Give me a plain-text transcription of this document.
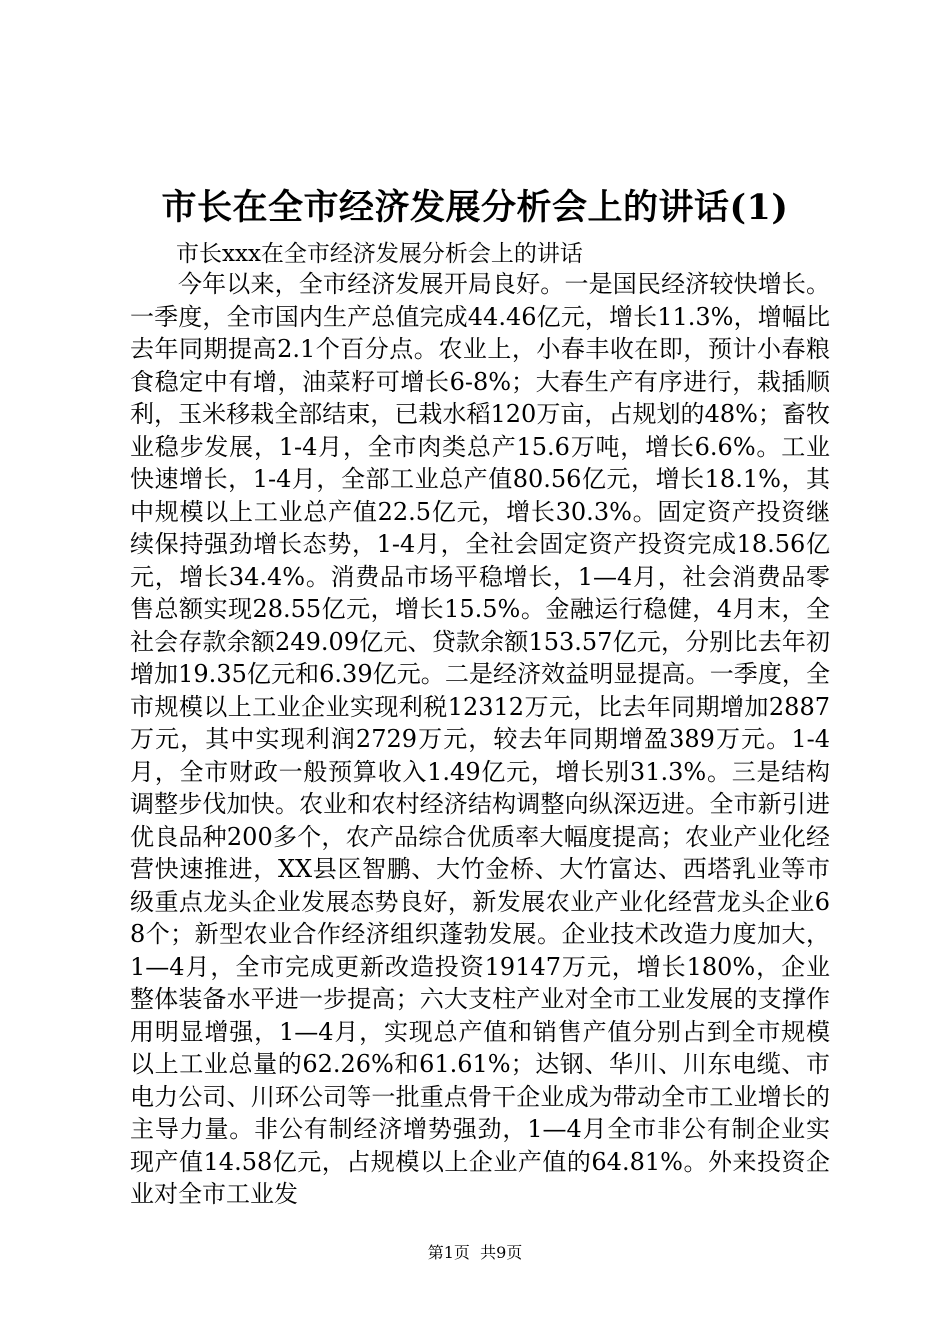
市长在全市经济发展分析会上的讲话(1)
市长xxx在全市经济发展分析会上的讲话

今年以来，全市经济发展开局良好。一是国民经济较快增长。一季度，全市国内生产总值完成44.46亿元，增长11.3%，增幅比去年同期提高2.1个百分点。农业上，小春丰收在即，预计小春粮食稳定中有增，油菜籽可增长6-8%；大春生产有序进行，栽插顺利，玉米移栽全部结束，已栽水稻120万亩，占规划的48%；畜牧业稳步发展，1-4月，全市肉类总产15.6万吨，增长6.6%。工业快速增长，1-4月，全部工业总产值80.56亿元，增长18.1%，其中规模以上工业总产值22.5亿元，增长30.3%。固定资产投资继续保持强劲增长态势，1-4月，全社会固定资产投资完成18.56亿元，增长34.4%。消费品市场平稳增长，1—4月，社会消费品零售总额实现28.55亿元，增长15.5%。金融运行稳健，4月末，全社会存款余额249.09亿元、贷款余额153.57亿元，分别比去年初增加19.35亿元和6.39亿元。二是经济效益明显提高。一季度，全市规模以上工业企业实现利税12312万元，比去年同期增加2887万元，其中实现利润2729万元，较去年同期增盈389万元。1-4月，全市财政一般预算收入1.49亿元，增长别31.3%。三是结构调整步伐加快。农业和农村经济结构调整向纵深迈进。全市新引进优良品种200多个，农产品综合优质率大幅度提高；农业产业化经营快速推进，XX县区智鹏、大竹金桥、大竹富达、西塔乳业等市级重点龙头企业发展态势良好，新发展农业产业化经营龙头企业68个；新型农业合作经济组织蓬勃发展。企业技术改造力度加大，1—4月，全市完成更新改造投资19147万元，增长180%，企业整体装备水平进一步提高；六大支柱产业对全市工业发展的支撑作用明显增强，1—4月，实现总产值和销售产值分别占到全市规模以上工业总量的62.26%和61.61%；达钢、华川、川东电缆、市电力公司、川环公司等一批重点骨干企业成为带动全市工业增长的主导力量。非公有制经济增势强劲，1—4月全市非公有制企业实现产值14.58亿元，占规模以上企业产值的64.81%。外来投资企业对全市工业发

第1页 共9页
